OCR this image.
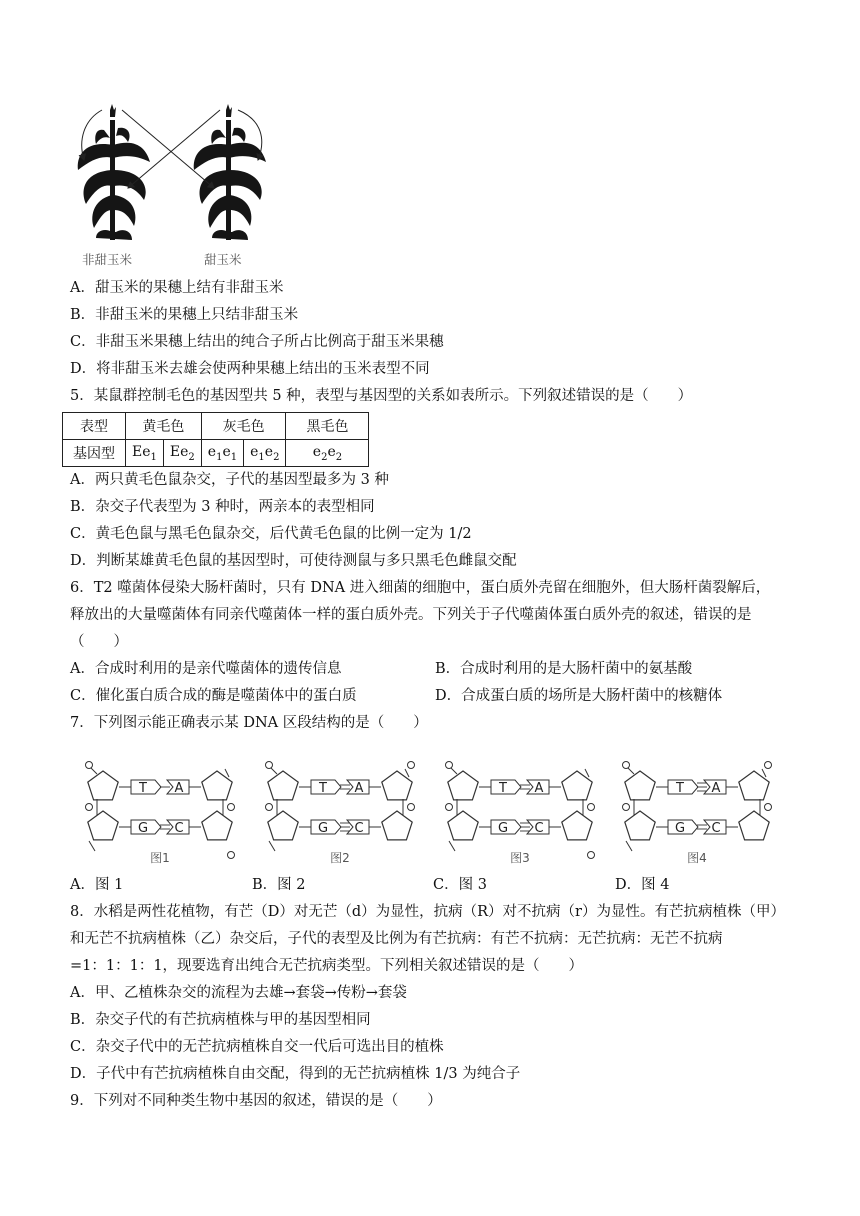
非甜玉米	甜玉米
A．甜玉米的果穗上结有非甜玉米
B．非甜玉米的果穗上只结非甜玉米
C．非甜玉米果穗上结出的纯合子所占比例高于甜玉米果穗
D．将非甜玉米去雄会使两种果穗上结出的玉米表型不同
5．某鼠群控制毛色的基因型共 5 种，表型与基因型的关系如表所示。下列叙述错误的是（　　）
表型	黄毛色		灰毛色		黑毛色
基因型	$Ee_1$	$Ee_2$	$e_1e_1$	$e_1e_2$	$e_2e_2$
A．两只黄毛色鼠杂交，子代的基因型最多为 3 种
B．杂交子代表型为 3 种时，两亲本的表型相同
C．黄毛色鼠与黑毛色鼠杂交，后代黄毛色鼠的比例一定为 1/2
D．判断某雄黄毛色鼠的基因型时，可使待测鼠与多只黑毛色雌鼠交配
6．T2 噬菌体侵染大肠杆菌时，只有 DNA 进入细菌的细胞中，蛋白质外壳留在细胞外，但大肠杆菌裂解后，
释放出的大量噬菌体有同亲代噬菌体一样的蛋白质外壳。下列关于子代噬菌体蛋白质外壳的叙述，错误的是
（　　）
A．合成时利用的是亲代噬菌体的遗传信息	B．合成时利用的是大肠杆菌中的氨基酸
C．催化蛋白质合成的酶是噬菌体中的蛋白质	D．合成蛋白质的场所是大肠杆菌中的核糖体
7．下列图示能正确表示某 DNA 区段结构的是（　　）
T A
G C
图1
T A
G C
图2
T A
G C
图3
T A
G C
图4
A．图 1	B．图 2	C．图 3	D．图 4
8．水稻是两性花植物，有芒（D）对无芒（d）为显性，抗病（R）对不抗病（r）为显性。有芒抗病植株（甲）
和无芒不抗病植株（乙）杂交后，子代的表型及比例为有芒抗病：有芒不抗病：无芒抗病：无芒不抗病
=1：1：1：1，现要选育出纯合无芒抗病类型。下列相关叙述错误的是（　　）
A．甲、乙植株杂交的流程为去雄→套袋→传粉→套袋
B．杂交子代的有芒抗病植株与甲的基因型相同
C．杂交子代中的无芒抗病植株自交一代后可选出目的植株
D．子代中有芒抗病植株自由交配，得到的无芒抗病植株 1/3 为纯合子
9．下列对不同种类生物中基因的叙述，错误的是（　　）
